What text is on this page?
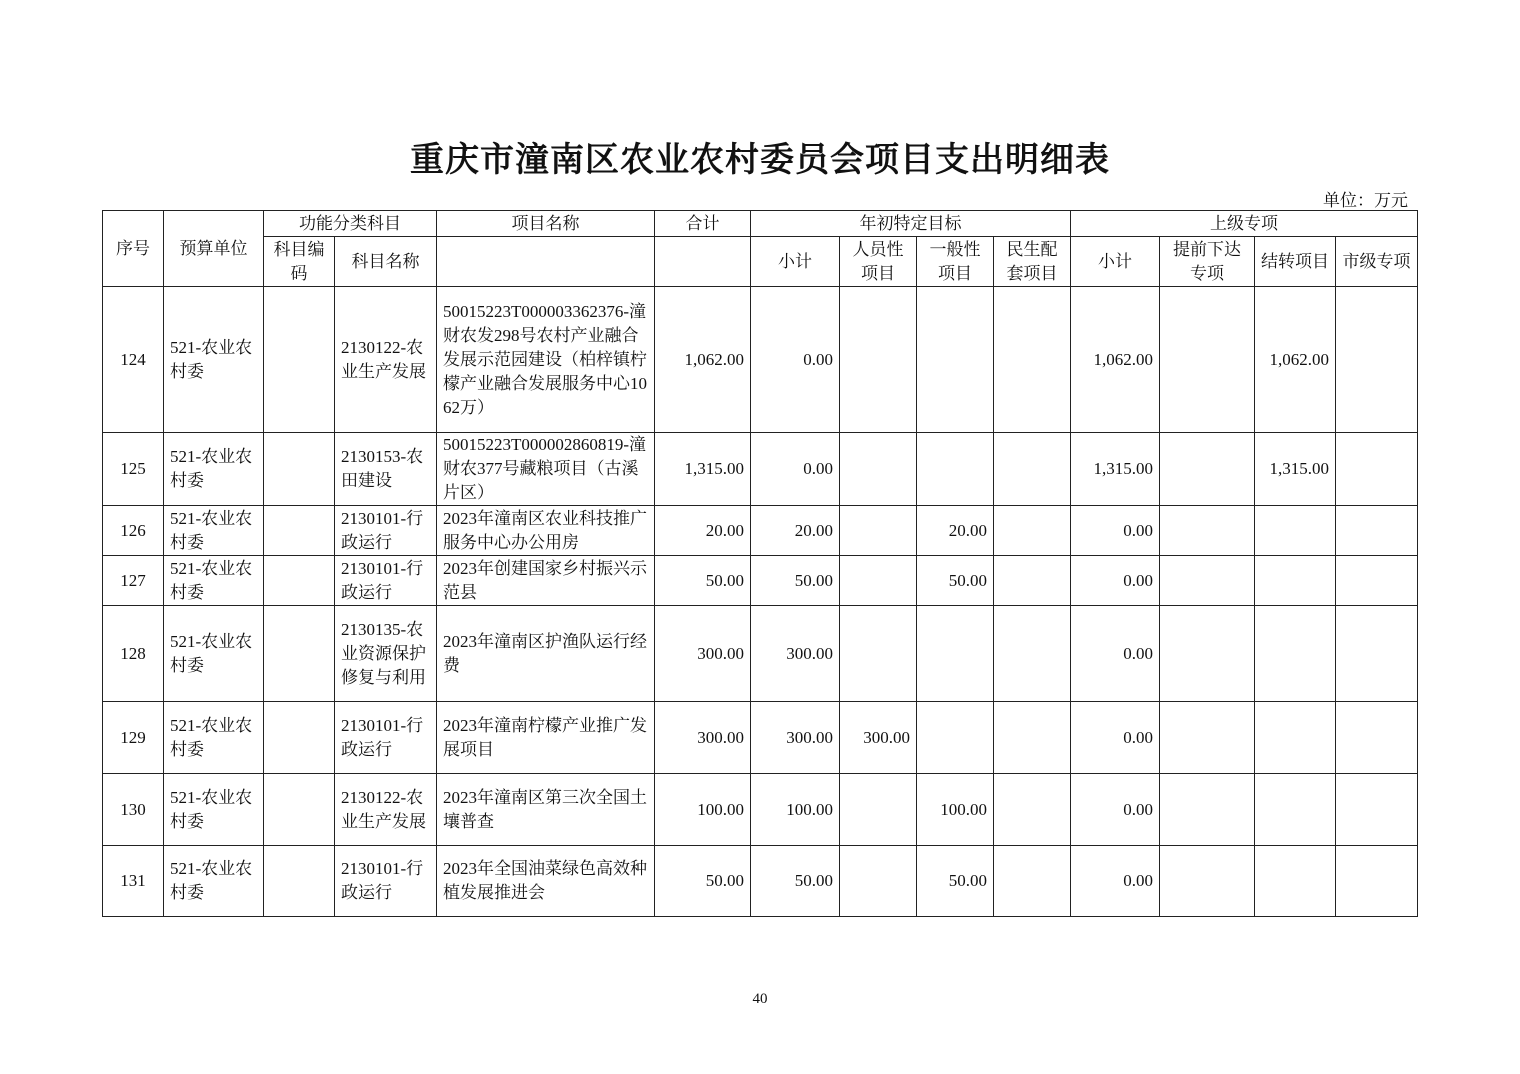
重庆市潼南区农业农村委员会项目支出明细表
单位：万元
序号	预算单位	功能分类科目		项目名称	合计	年初特定目标				上级专项			
		科目编码	科目名称			小计	人员性项目	一般性项目	民生配套项目	小计	提前下达专项	结转项目	市级专项
124	521-农业农村委		2130122-农业生产发展	50015223T000003362376-潼财农发298号农村产业融合发展示范园建设（柏梓镇柠檬产业融合发展服务中心1062万）	1,062.00	0.00				1,062.00		1,062.00	
125	521-农业农村委		2130153-农田建设	50015223T000002860819-潼财农377号藏粮项目（古溪片区）	1,315.00	0.00				1,315.00		1,315.00	
126	521-农业农村委		2130101-行政运行	2023年潼南区农业科技推广服务中心办公用房	20.00	20.00		20.00		0.00			
127	521-农业农村委		2130101-行政运行	2023年创建国家乡村振兴示范县	50.00	50.00		50.00		0.00			
128	521-农业农村委		2130135-农业资源保护修复与利用	2023年潼南区护渔队运行经费	300.00	300.00				0.00			
129	521-农业农村委		2130101-行政运行	2023年潼南柠檬产业推广发展项目	300.00	300.00	300.00			0.00			
130	521-农业农村委		2130122-农业生产发展	2023年潼南区第三次全国土壤普查	100.00	100.00		100.00		0.00			
131	521-农业农村委		2130101-行政运行	2023年全国油菜绿色高效种植发展推进会	50.00	50.00		50.00		0.00			
40
